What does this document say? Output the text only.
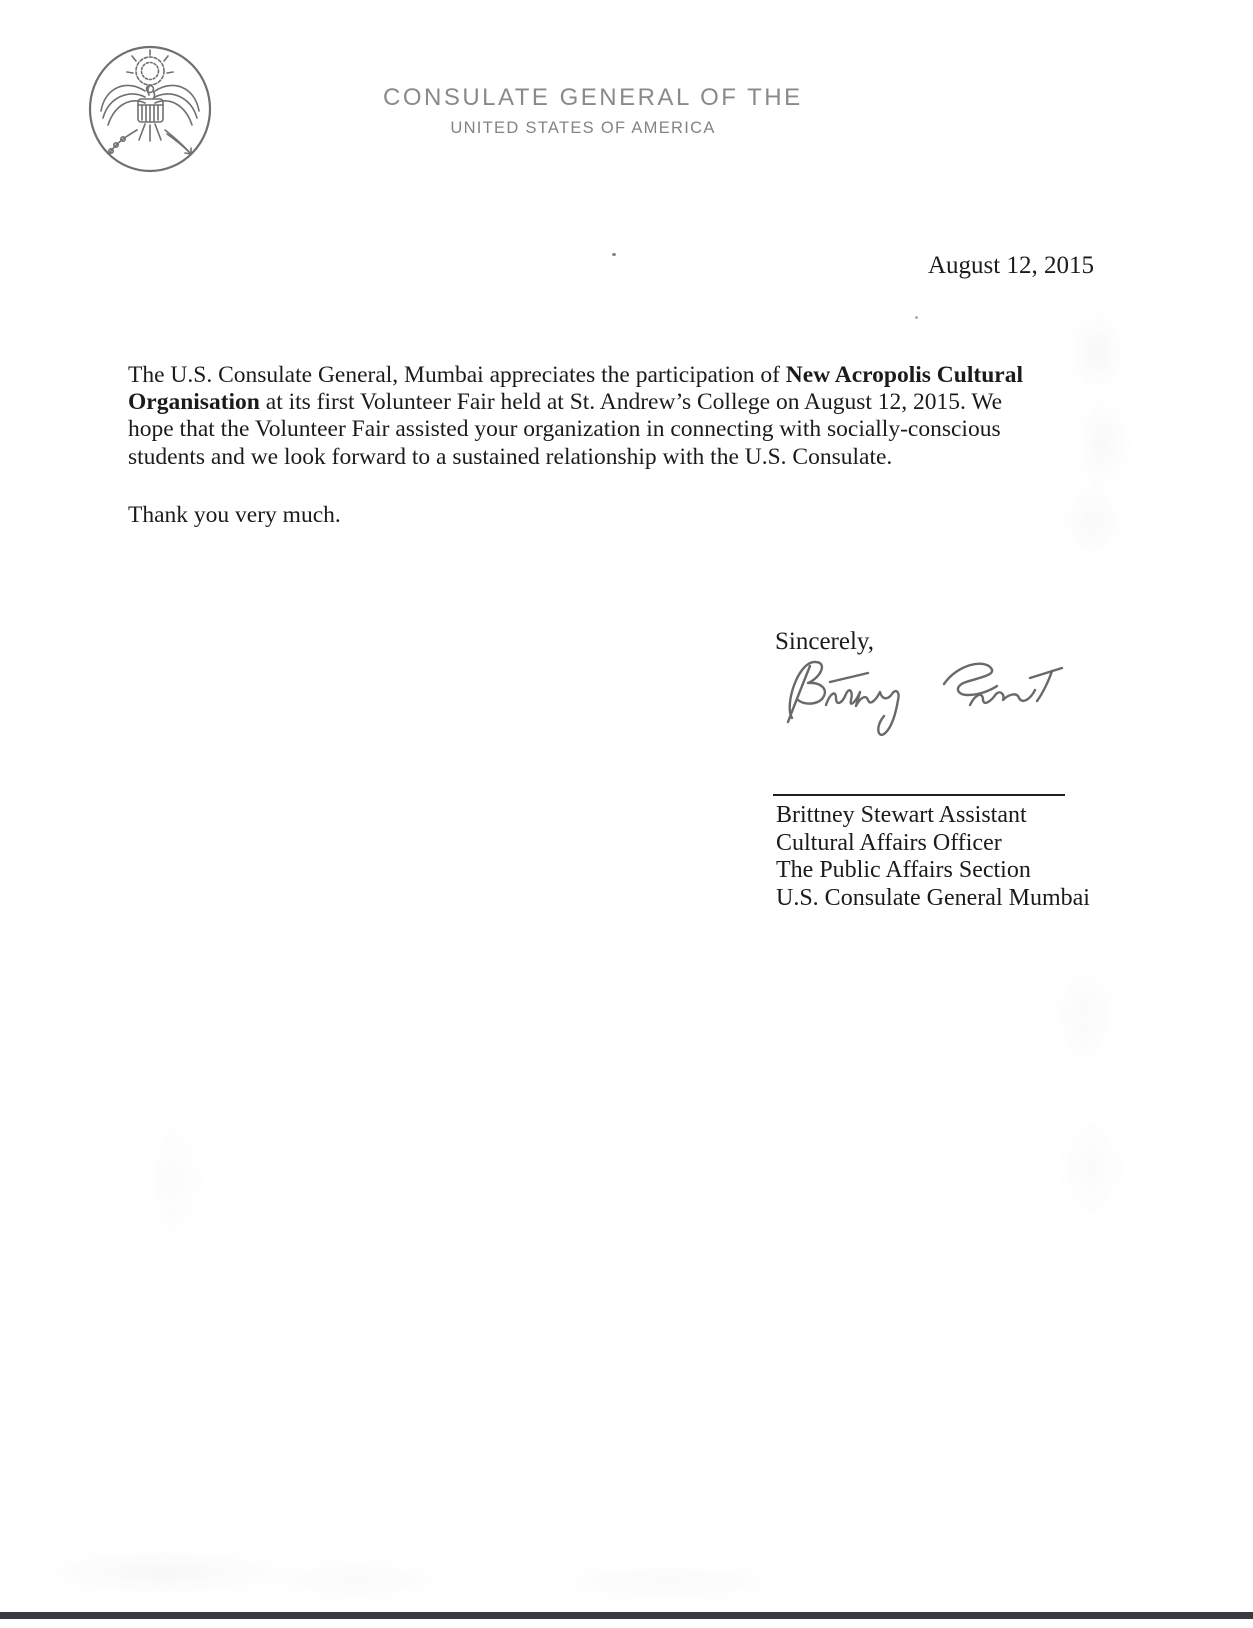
CONSULATE GENERAL OF THE
UNITED STATES OF AMERICA
August 12, 2015

The U.S. Consulate General, Mumbai appreciates the participation of New Acropolis Cultural Organisation at its first Volunteer Fair held at St. Andrew’s College on August 12, 2015. We hope that the Volunteer Fair assisted your organization in connecting with socially-conscious students and we look forward to a sustained relationship with the U.S. Consulate.

Thank you very much.
Sincerely,
Brittney Stewart Assistant
Cultural Affairs Officer
The Public Affairs Section
U.S. Consulate General Mumbai
